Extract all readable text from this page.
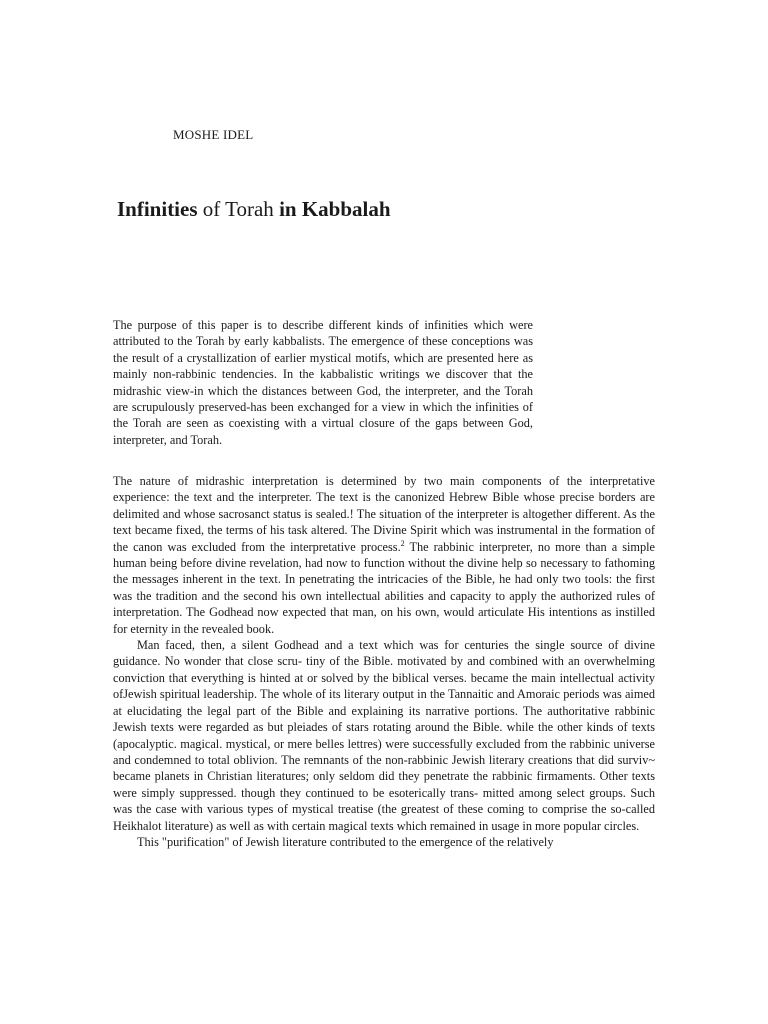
MOSHE IDEL
Infinities of Torah in Kabbalah

The purpose of this paper is to describe different kinds of infinities which were attributed to the Torah by early kabbalists. The emergence of these conceptions was the result of a crystallization of earlier mystical motifs, which are presented here as mainly non-rabbinic tendencies. In the kabbalistic writings we discover that the midrashic view-in which the distances between God, the interpreter, and the Torah are scrupulously preserved-has been exchanged for a view in which the infinities of the Torah are seen as coexisting with a virtual closure of the gaps between God, interpreter, and Torah.

The nature of midrashic interpretation is determined by two main components of the interpretative experience: the text and the interpreter. The text is the canonized Hebrew Bible whose precise borders are delimited and whose sacrosanct status is sealed.! The situation of the interpreter is altogether different. As the text became fixed, the terms of his task altered. The Divine Spirit which was instrumental in the formation of the canon was excluded from the interpretative process.$^2$ The rabbinic interpreter, no more than a simple human being before divine revelation, had now to function without the divine help so necessary to fathoming the messages inherent in the text. In penetrating the intricacies of the Bible, he had only two tools: the first was the tradition and the second his own intellectual abilities and capacity to apply the authorized rules of interpretation. The Godhead now expected that man, on his own, would articulate His intentions as instilled for eternity in the revealed book.

Man faced, then, a silent Godhead and a text which was for centuries the single source of divine guidance. No wonder that close scru- tiny of the Bible. motivated by and combined with an overwhelming conviction that everything is hinted at or solved by the biblical verses. became the main intellectual activity ofJewish spiritual leadership. The whole of its literary output in the Tannaitic and Amoraic periods was aimed at elucidating the legal part of the Bible and explaining its narrative portions. The authoritative rabbinic Jewish texts were regarded as but pleiades of stars rotating around the Bible. while the other kinds of texts (apocalyptic. magical. mystical, or mere belles lettres) were successfully excluded from the rabbinic universe and condemned to total oblivion. The remnants of the non-rabbinic Jewish literary creations that did surviv~ became planets in Christian literatures; only seldom did they penetrate the rabbinic firmaments. Other texts were simply suppressed. though they continued to be esoterically trans- mitted among select groups. Such was the case with various types of mystical treatise (the greatest of these coming to comprise the so-called Heikhalot literature) as well as with certain magical texts which remained in usage in more popular circles.

This "purification" of Jewish literature contributed to the emergence of the relatively
